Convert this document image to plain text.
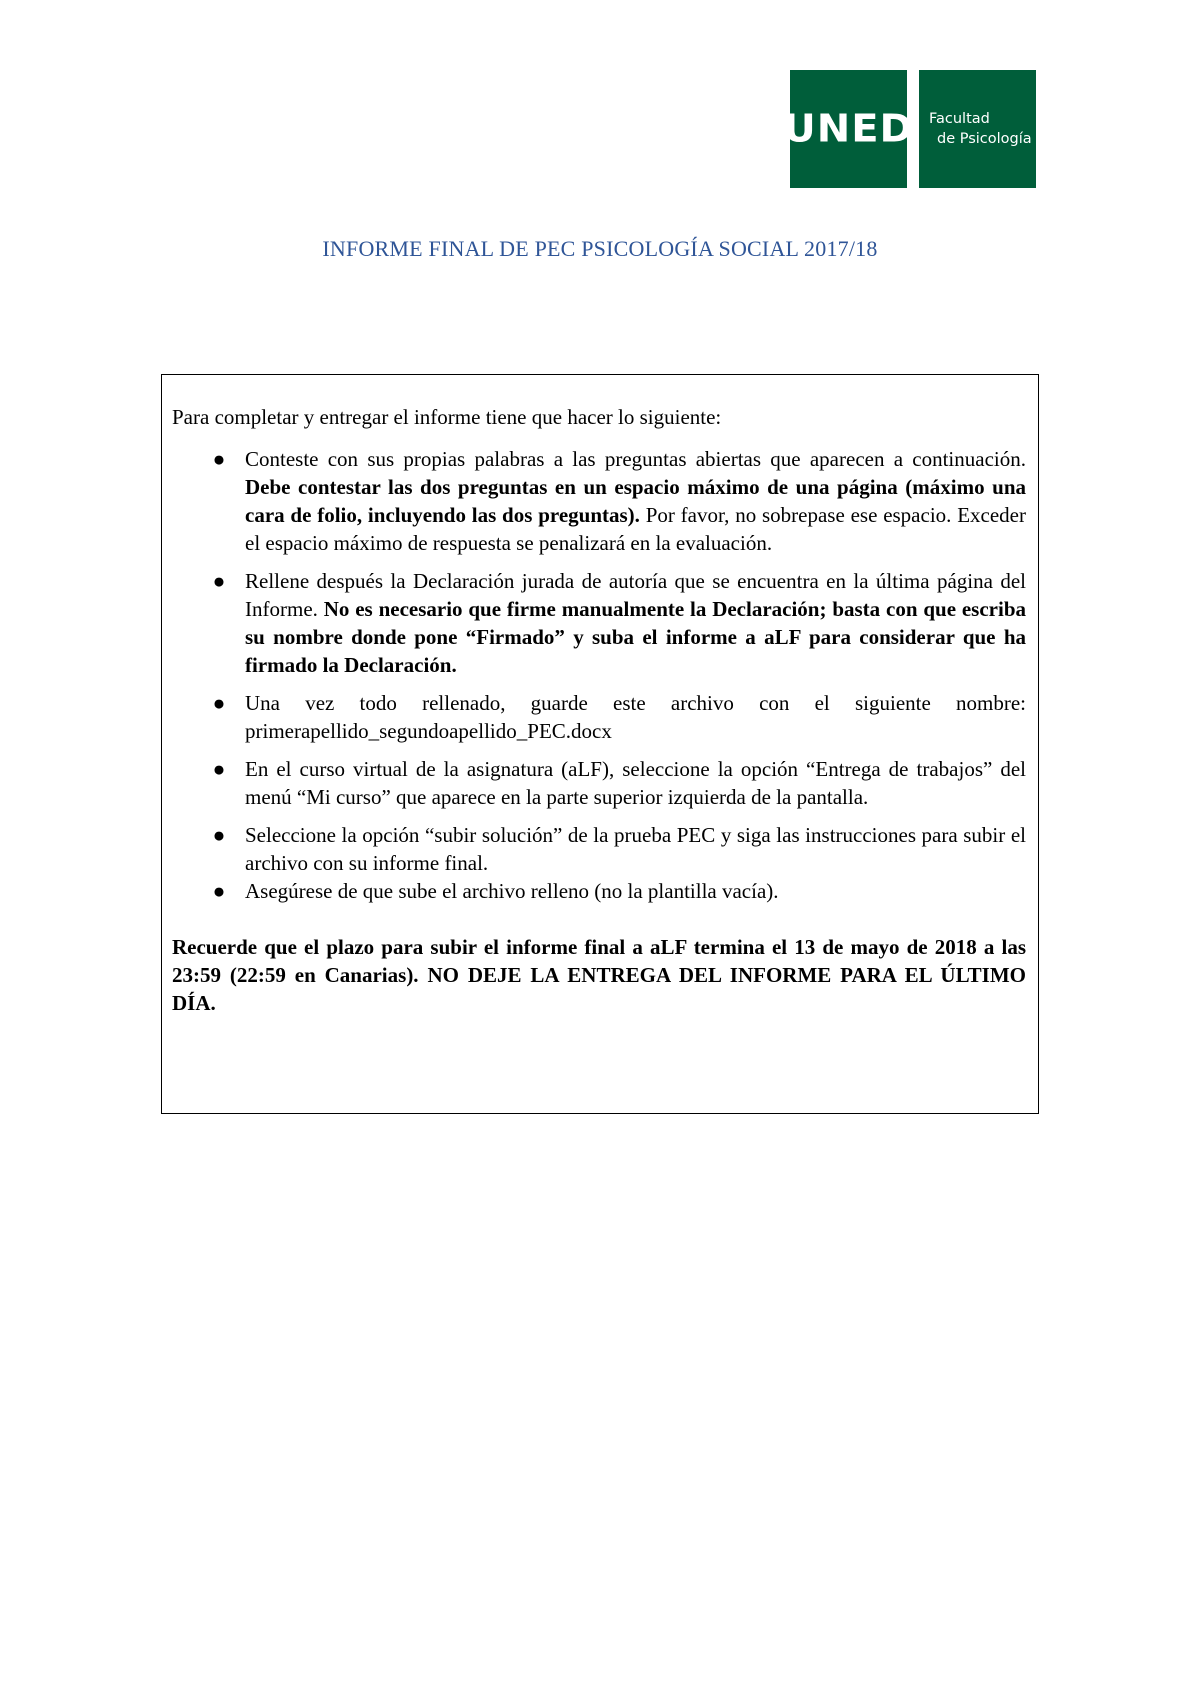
UNED Facultad
de Psicología
INFORME FINAL DE PEC PSICOLOGÍA SOCIAL 2017/18

Para completar y entregar el informe tiene que hacer lo siguiente:

● Conteste con sus propias palabras a las preguntas abiertas que aparecen a continuación. Debe contestar las dos preguntas en un espacio máximo de una página (máximo una cara de folio, incluyendo las dos preguntas). Por favor, no sobrepase ese espacio. Exceder el espacio máximo de respuesta se penalizará en la evaluación.
● Rellene después la Declaración jurada de autoría que se encuentra en la última página del Informe. No es necesario que firme manualmente la Declaración; basta con que escriba su nombre donde pone “Firmado” y suba el informe a aLF para considerar que ha firmado la Declaración.
● Una vez todo rellenado, guarde este archivo con el siguiente nombre: primerapellido_segundoapellido_PEC.docx
● En el curso virtual de la asignatura (aLF), seleccione la opción “Entrega de trabajos” del menú “Mi curso” que aparece en la parte superior izquierda de la pantalla.
● Seleccione la opción “subir solución” de la prueba PEC y siga las instrucciones para subir el archivo con su informe final.
● Asegúrese de que sube el archivo relleno (no la plantilla vacía).

Recuerde que el plazo para subir el informe final a aLF termina el 13 de mayo de 2018 a las 23:59 (22:59 en Canarias). NO DEJE LA ENTREGA DEL INFORME PARA EL ÚLTIMO DÍA.
